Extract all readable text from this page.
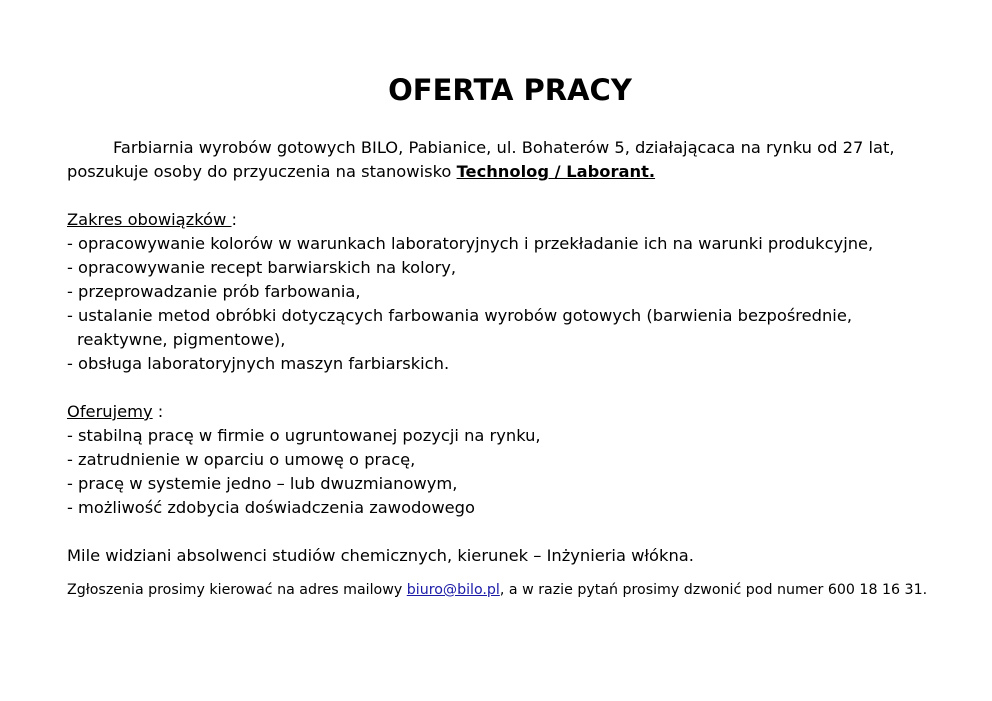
OFERTA PRACY

Farbiarnia wyrobów gotowych BILO, Pabianice, ul. Bohaterów 5, działającaca na rynku od 27 lat, poszukuje osoby do przyuczenia na stanowisko Technolog / Laborant.

Zakres obowiązków :

- opracowywanie kolorów w warunkach laboratoryjnych i przekładanie ich na warunki produkcyjne,

- opracowywanie recept barwiarskich na kolory,

- przeprowadzanie prób farbowania,

- ustalanie metod obróbki dotyczących farbowania wyrobów gotowych (barwienia bezpośrednie, reaktywne, pigmentowe),

- obsługa laboratoryjnych maszyn farbiarskich.

Oferujemy :

- stabilną pracę w firmie o ugruntowanej pozycji na rynku,

- zatrudnienie w oparciu o umowę o pracę,

- pracę w systemie jedno – lub dwuzmianowym,

- możliwość zdobycia doświadczenia zawodowego

Mile widziani absolwenci studiów chemicznych, kierunek – Inżynieria włókna.

Zgłoszenia prosimy kierować na adres mailowy biuro@bilo.pl, a w razie pytań prosimy dzwonić pod numer 600 18 16 31.
